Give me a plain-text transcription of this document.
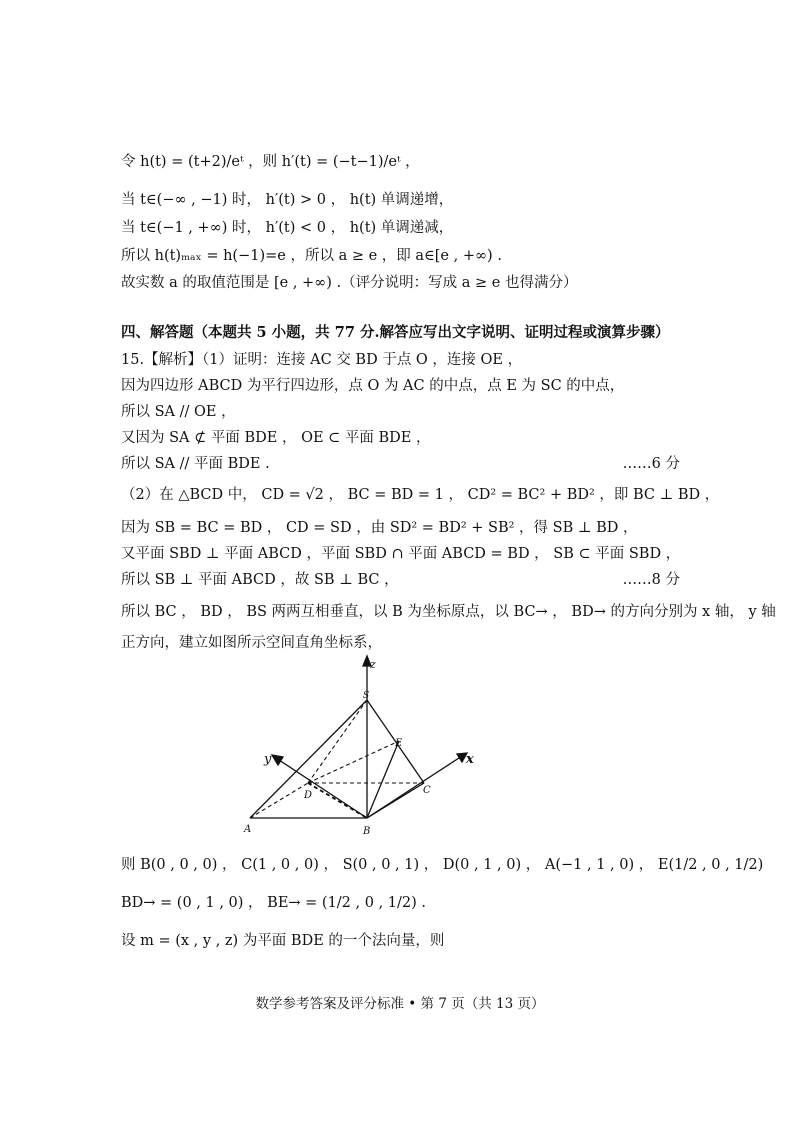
令 h(t) = (t+2)/eᵗ ，则 h′(t) = (−t−1)/eᵗ ，
当 t∈(−∞ , −1) 时， h′(t) > 0 ， h(t) 单调递增，
当 t∈(−1 , +∞) 时， h′(t) < 0 ， h(t) 单调递减，
所以 h(t)ₘₐₓ = h(−1)=e ，所以 a ≥ e ，即 a∈[e , +∞) .
故实数 a 的取值范围是 [e , +∞) .（评分说明：写成 a ≥ e 也得满分）
四、解答题（本题共 5 小题，共 77 分.解答应写出文字说明、证明过程或演算步骤）
15.【解析】（1）证明：连接 AC 交 BD 于点 O ，连接 OE ，
因为四边形 ABCD 为平行四边形，点 O 为 AC 的中点，点 E 为 SC 的中点，
所以 SA // OE ，
又因为 SA ⊄ 平面 BDE ， OE ⊂ 平面 BDE ，
所以 SA // 平面 BDE .	……6 分
（2）在 △BCD 中， CD = √2 ， BC = BD = 1 ， CD² = BC² + BD² ，即 BC ⊥ BD ，
因为 SB = BC = BD ， CD = SD ，由 SD² = BD² + SB² ，得 SB ⊥ BD ，
又平面 SBD ⊥ 平面 ABCD ，平面 SBD ∩ 平面 ABCD = BD ， SB ⊂ 平面 SBD ，
所以 SB ⊥ 平面 ABCD ，故 SB ⊥ BC ，	……8 分
所以 BC ， BD ， BS 两两互相垂直，以 B 为坐标原点，以 BC→ ， BD→ 的方向分别为 x 轴， y 轴
正方向，建立如图所示空间直角坐标系，
z
y	x
S
E
D	C
A	B
则 B(0 , 0 , 0) ， C(1 , 0 , 0) ， S(0 , 0 , 1) ， D(0 , 1 , 0) ， A(−1 , 1 , 0) ， E(1/2 , 0 , 1/2)
BD→ = (0 , 1 , 0) ， BE→ = (1/2 , 0 , 1/2) .
设 m = (x , y , z) 为平面 BDE 的一个法向量，则
数学参考答案及评分标准 • 第 7 页（共 13 页）
